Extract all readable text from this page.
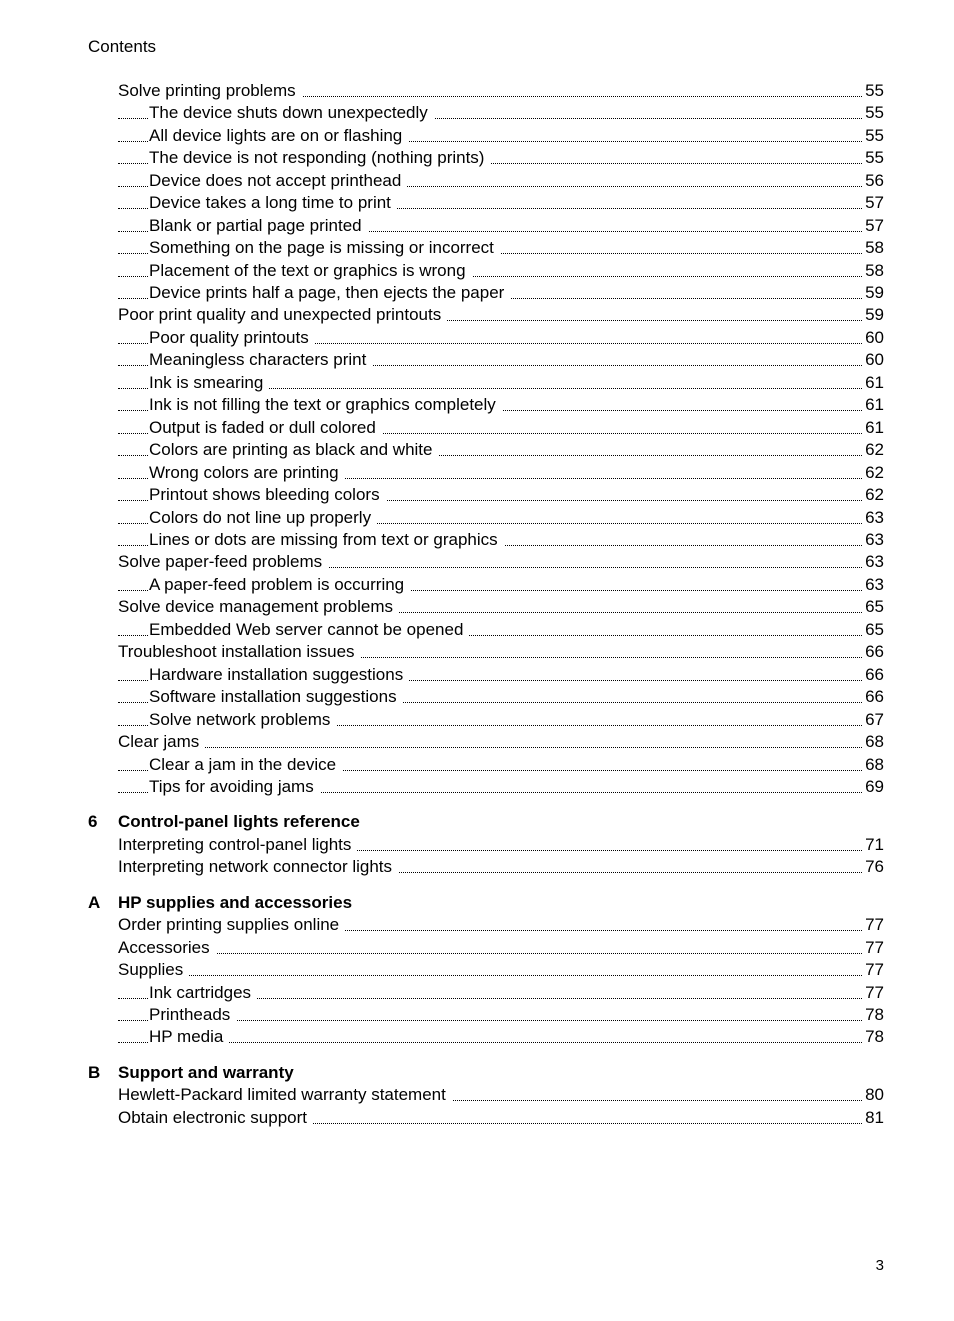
Contents
Solve printing problems	55
The device shuts down unexpectedly	55
All device lights are on or flashing	55
The device is not responding (nothing prints)	55
Device does not accept printhead	56
Device takes a long time to print	57
Blank or partial page printed	57
Something on the page is missing or incorrect	58
Placement of the text or graphics is wrong	58
Device prints half a page, then ejects the paper	59
Poor print quality and unexpected printouts	59
Poor quality printouts	60
Meaningless characters print	60
Ink is smearing	61
Ink is not filling the text or graphics completely	61
Output is faded or dull colored	61
Colors are printing as black and white	62
Wrong colors are printing	62
Printout shows bleeding colors	62
Colors do not line up properly	63
Lines or dots are missing from text or graphics	63
Solve paper-feed problems	63
A paper-feed problem is occurring	63
Solve device management problems	65
Embedded Web server cannot be opened	65
Troubleshoot installation issues	66
Hardware installation suggestions	66
Software installation suggestions	66
Solve network problems	67
Clear jams	68
Clear a jam in the device	68
Tips for avoiding jams	69
6 Control-panel lights reference
Interpreting control-panel lights	71
Interpreting network connector lights	76
A HP supplies and accessories
Order printing supplies online	77
Accessories	77
Supplies	77
Ink cartridges	77
Printheads	78
HP media	78
B Support and warranty
Hewlett-Packard limited warranty statement	80
Obtain electronic support	81
3
